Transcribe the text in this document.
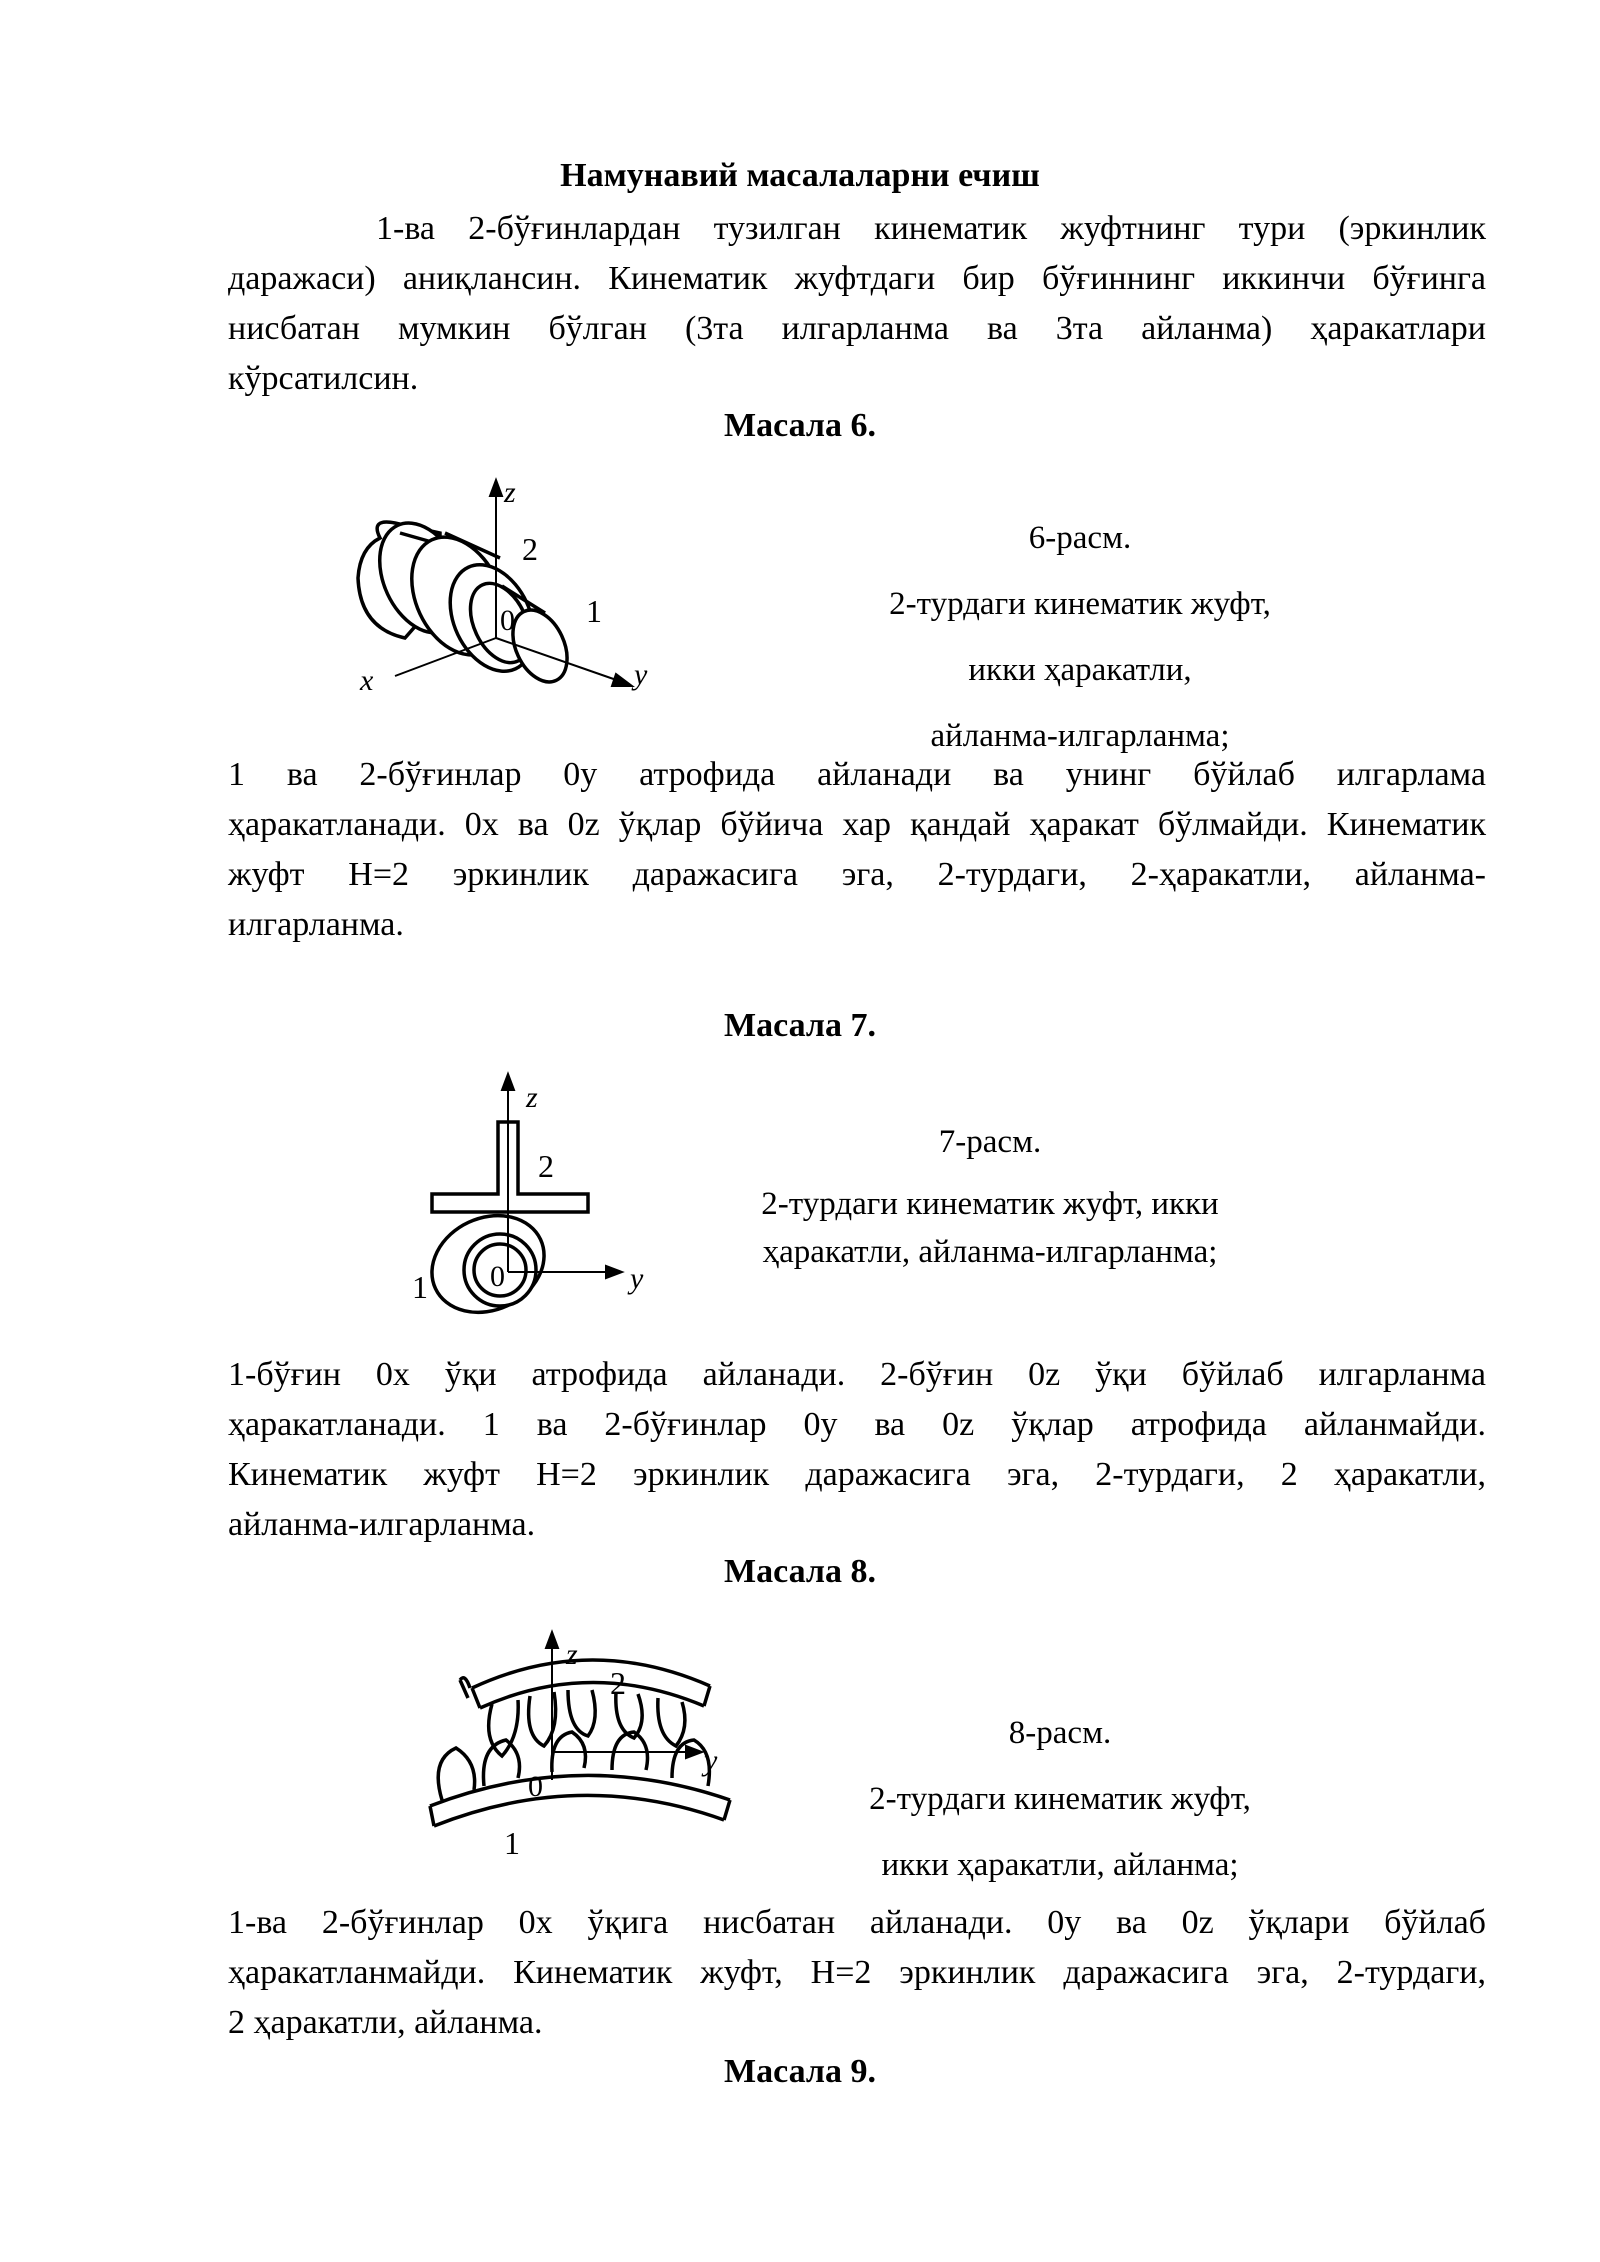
Намунавий масалаларни ечиш
1-ва 2-бўғинлардан тузилган кинематик жуфтнинг тури (эркинлик
даражаси) аниқлансин. Кинематик жуфтдаги бир бўғиннинг иккинчи бўғинга
нисбатан мумкин бўлган (3та илгарланма ва 3та айланма) ҳаракатлари
кўрсатилсин.
Масала 6.
z
2
1
0
x	y
6-расм.
2-турдаги кинематик жуфт,
икки ҳаракатли,
айланма-илгарланма;
1 ва 2-бўғинлар 0y атрофида айланади ва унинг бўйлаб илгарлама
ҳаракатланади. 0x ва 0z ўқлар бўйича хар қандай ҳаракат бўлмайди. Кинематик
жуфт H=2 эркинлик даражасига эга, 2-турдаги, 2-ҳаракатли, айланма-
илгарланма.
Масала 7.
z
2
0
1	y
7-расм.
2-турдаги кинематик жуфт, икки
ҳаракатли, айланма-илгарланма;
1-бўғин 0x ўқи атрофида айланади. 2-бўғин 0z ўқи бўйлаб илгарланма
ҳаракатланади. 1 ва 2-бўғинлар 0y ва 0z ўқлар атрофида айланмайди.
Кинематик жуфт H=2 эркинлик даражасига эга, 2-турдаги, 2 ҳаракатли,
айланма-илгарланма.
Масала 8.
z
2
0
1
y
8-расм.
2-турдаги кинематик жуфт,
икки ҳаракатли, айланма;
1-ва 2-бўғинлар 0x ўқига нисбатан айланади. 0y ва 0z ўқлари бўйлаб
ҳаракатланмайди. Кинематик жуфт, H=2 эркинлик даражасига эга, 2-турдаги,
2 ҳаракатли, айланма.
Масала 9.
